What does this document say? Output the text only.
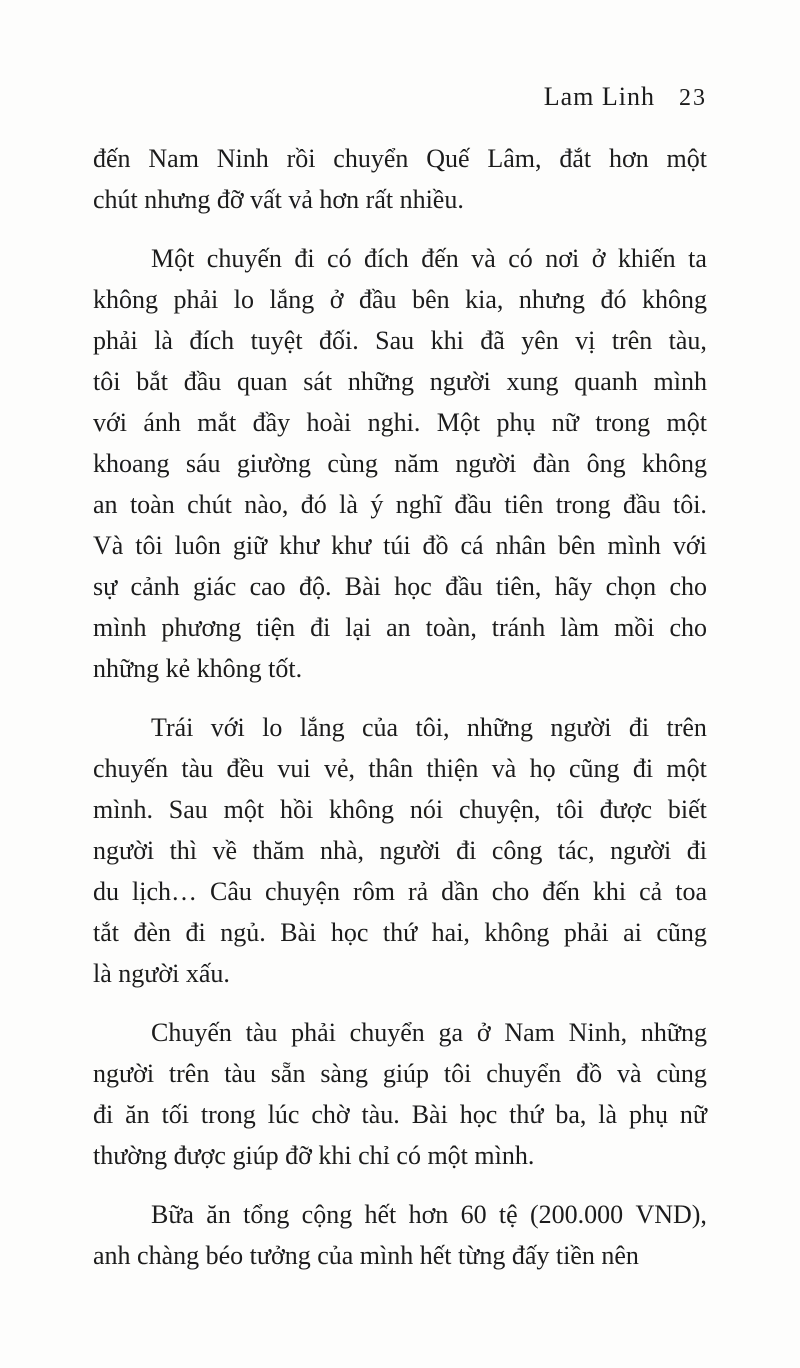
Lam Linh 23
đến Nam Ninh rồi chuyển Quế Lâm, đắt hơn một
chút nhưng đỡ vất vả hơn rất nhiều.
Một chuyến đi có đích đến và có nơi ở khiến ta
không phải lo lắng ở đầu bên kia, nhưng đó không
phải là đích tuyệt đối. Sau khi đã yên vị trên tàu,
tôi bắt đầu quan sát những người xung quanh mình
với ánh mắt đầy hoài nghi. Một phụ nữ trong một
khoang sáu giường cùng năm người đàn ông không
an toàn chút nào, đó là ý nghĩ đầu tiên trong đầu tôi.
Và tôi luôn giữ khư khư túi đồ cá nhân bên mình với
sự cảnh giác cao độ. Bài học đầu tiên, hãy chọn cho
mình phương tiện đi lại an toàn, tránh làm mồi cho
những kẻ không tốt.
Trái với lo lắng của tôi, những người đi trên
chuyến tàu đều vui vẻ, thân thiện và họ cũng đi một
mình. Sau một hồi không nói chuyện, tôi được biết
người thì về thăm nhà, người đi công tác, người đi
du lịch… Câu chuyện rôm rả dần cho đến khi cả toa
tắt đèn đi ngủ. Bài học thứ hai, không phải ai cũng
là người xấu.
Chuyến tàu phải chuyển ga ở Nam Ninh, những
người trên tàu sẵn sàng giúp tôi chuyển đồ và cùng
đi ăn tối trong lúc chờ tàu. Bài học thứ ba, là phụ nữ
thường được giúp đỡ khi chỉ có một mình.
Bữa ăn tổng cộng hết hơn 60 tệ (200.000 VND),
anh chàng béo tưởng của mình hết từng đấy tiền nên
